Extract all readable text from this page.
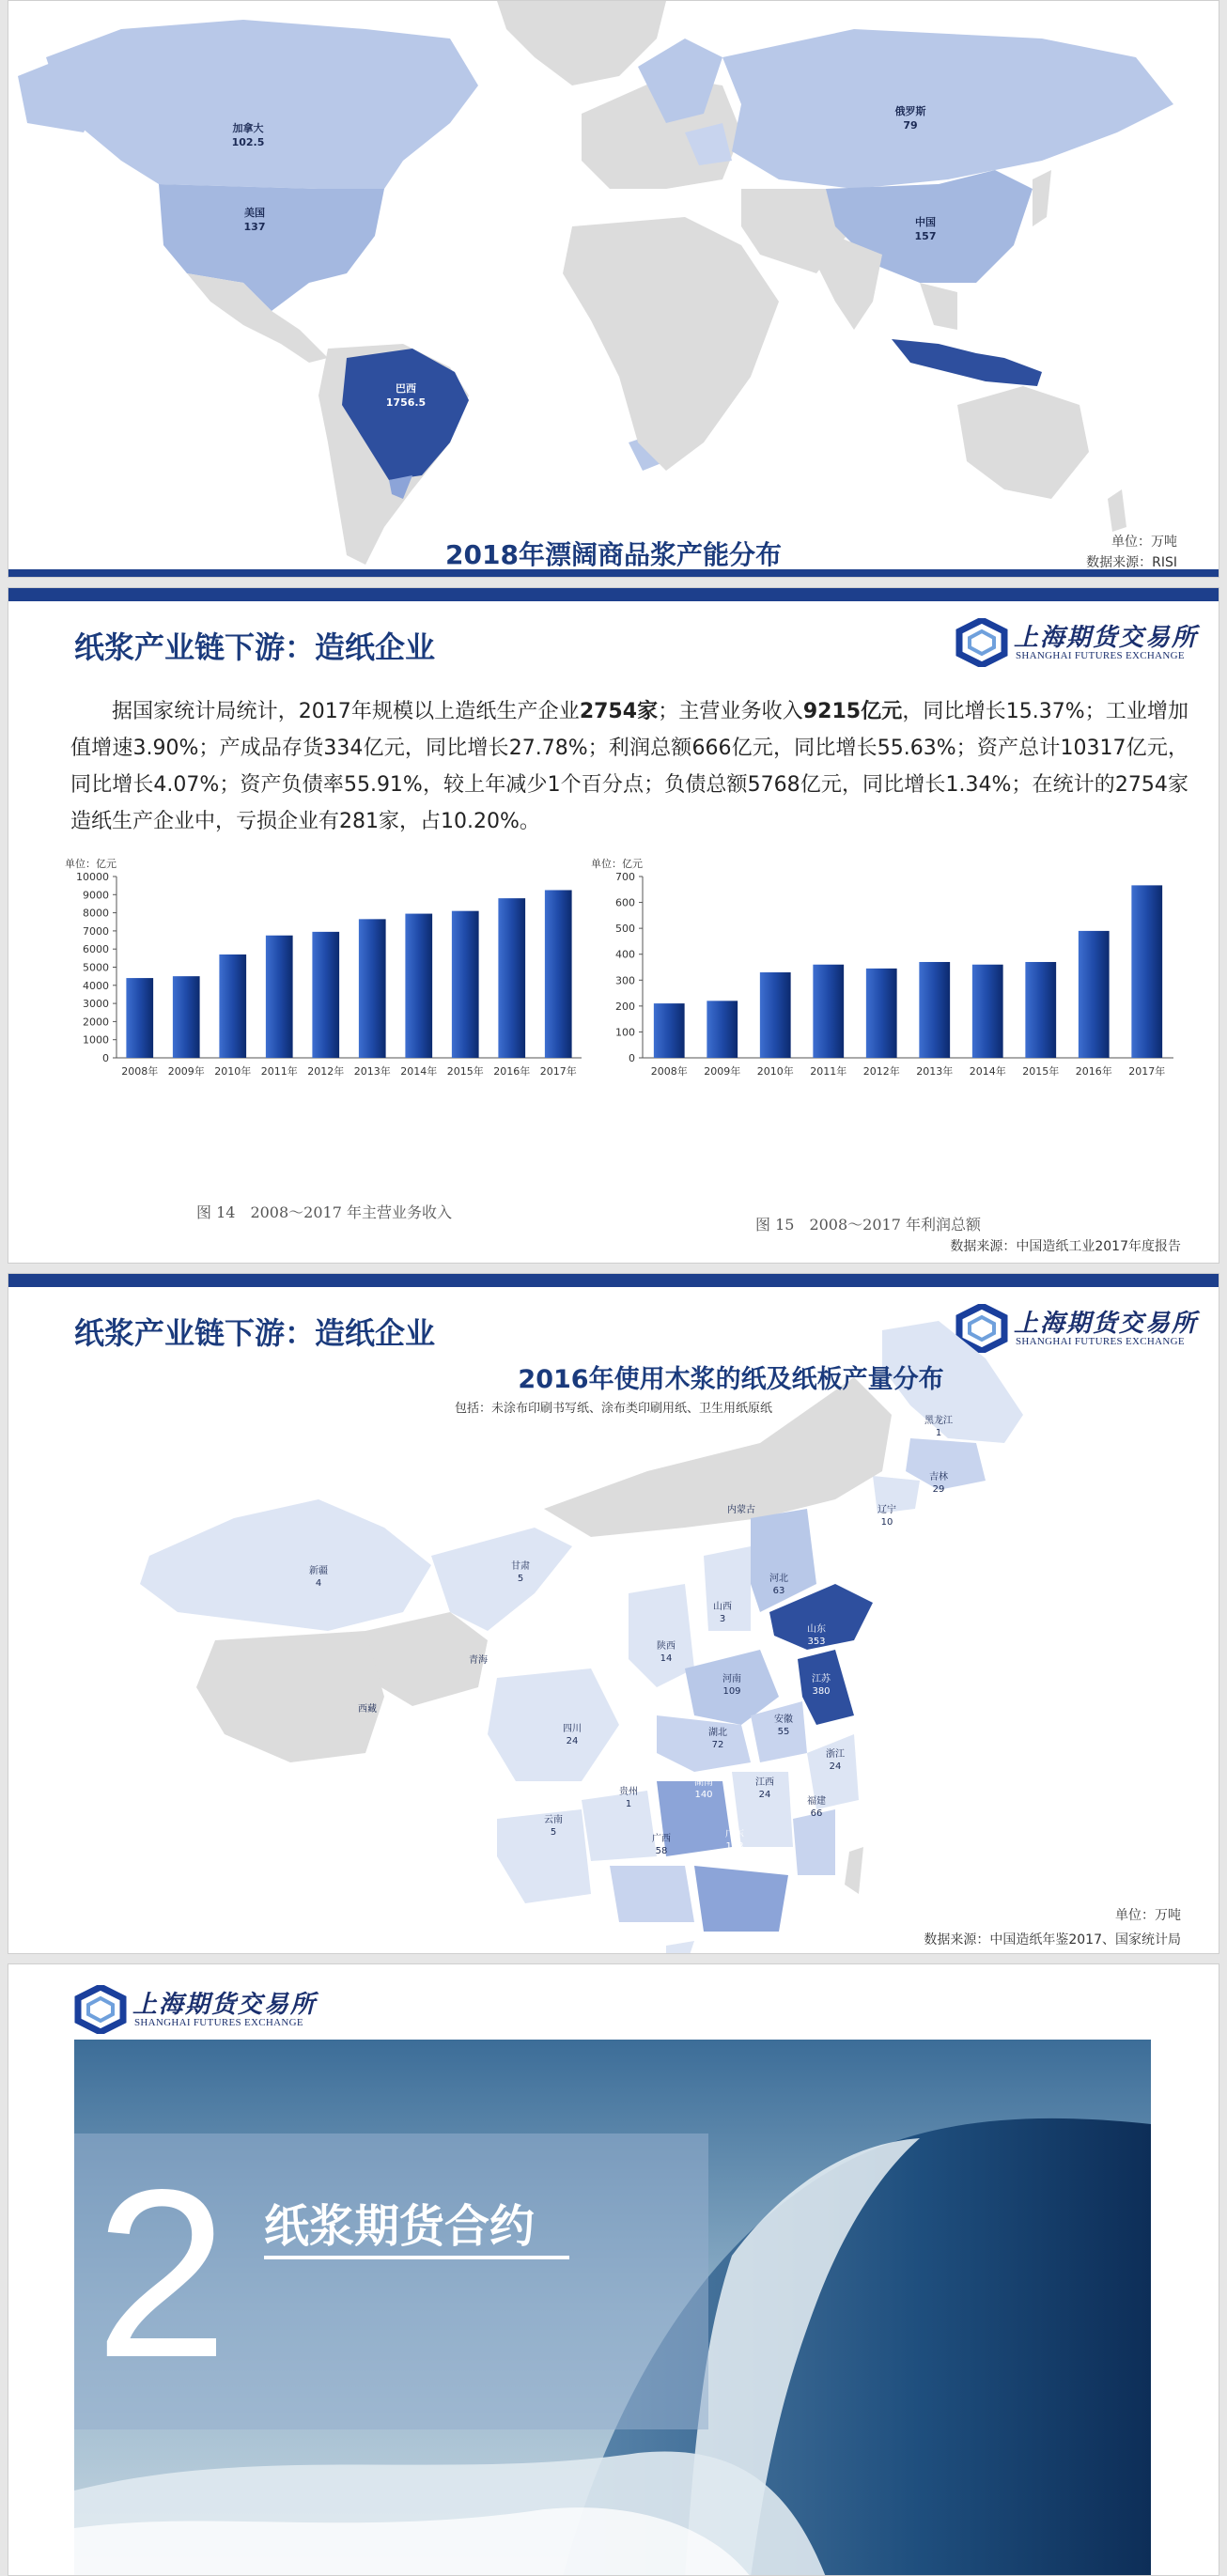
加拿大
102.5
美国
137
俄罗斯
79
中国
157
巴西
1756.5
2018年漂阔商品浆产能分布	单位：万吨
数据来源：RISI
纸浆产业链下游：造纸企业	上海期货交易所
SHANGHAI FUTURES EXCHANGE

据国家统计局统计，2017年规模以上造纸生产企业2754家；主营业务收入9215亿元，同比增长15.37%；工业增加值增速3.90%；产成品存货334亿元，同比增长27.78%；利润总额666亿元，同比增长55.63%；资产总计10317亿元，同比增长4.07%；资产负债率55.91%，较上年减少1个百分点；负债总额5768亿元，同比增长1.34%；在统计的2754家造纸生产企业中，亏损企业有281家，占10.20%。

单位：亿元
0
1000
2000
3000
4000
5000
6000
7000
8000
9000
10000
2008年 2009年 2010年 2011年 2012年 2013年 2014年 2015年 2016年 2017年
单位：亿元
0
100
200
300
400
500
600
700
2008年 2009年 2010年 2011年 2012年 2013年 2014年 2015年 2016年 2017年
图 14　2008～2017 年主营业务收入
图 15　2008～2017 年利润总额
数据来源：中国造纸工业2017年度报告
纸浆产业链下游：造纸企业	上海期货交易所
SHANGHAI FUTURES EXCHANGE
黑龙江
1
吉林
29
辽宁
10
内蒙古
新疆
4
甘肃
5
山西
3
河北
63
山东
353
陕西
14
河南
109
江苏
380
青海
西藏
四川
24
湖北
72
安徽
55
浙江
24
湖南
140
江西
24
贵州
1	福建
66
云南
5
广西
58
广东
103
2016年使用木浆的纸及纸板产量分布
包括：未涂布印刷书写纸、涂布类印刷用纸、卫生用纸原纸
单位：万吨
数据来源：中国造纸年鉴2017、国家统计局
上海期货交易所
SHANGHAI FUTURES EXCHANGE
2 纸浆期货合约
